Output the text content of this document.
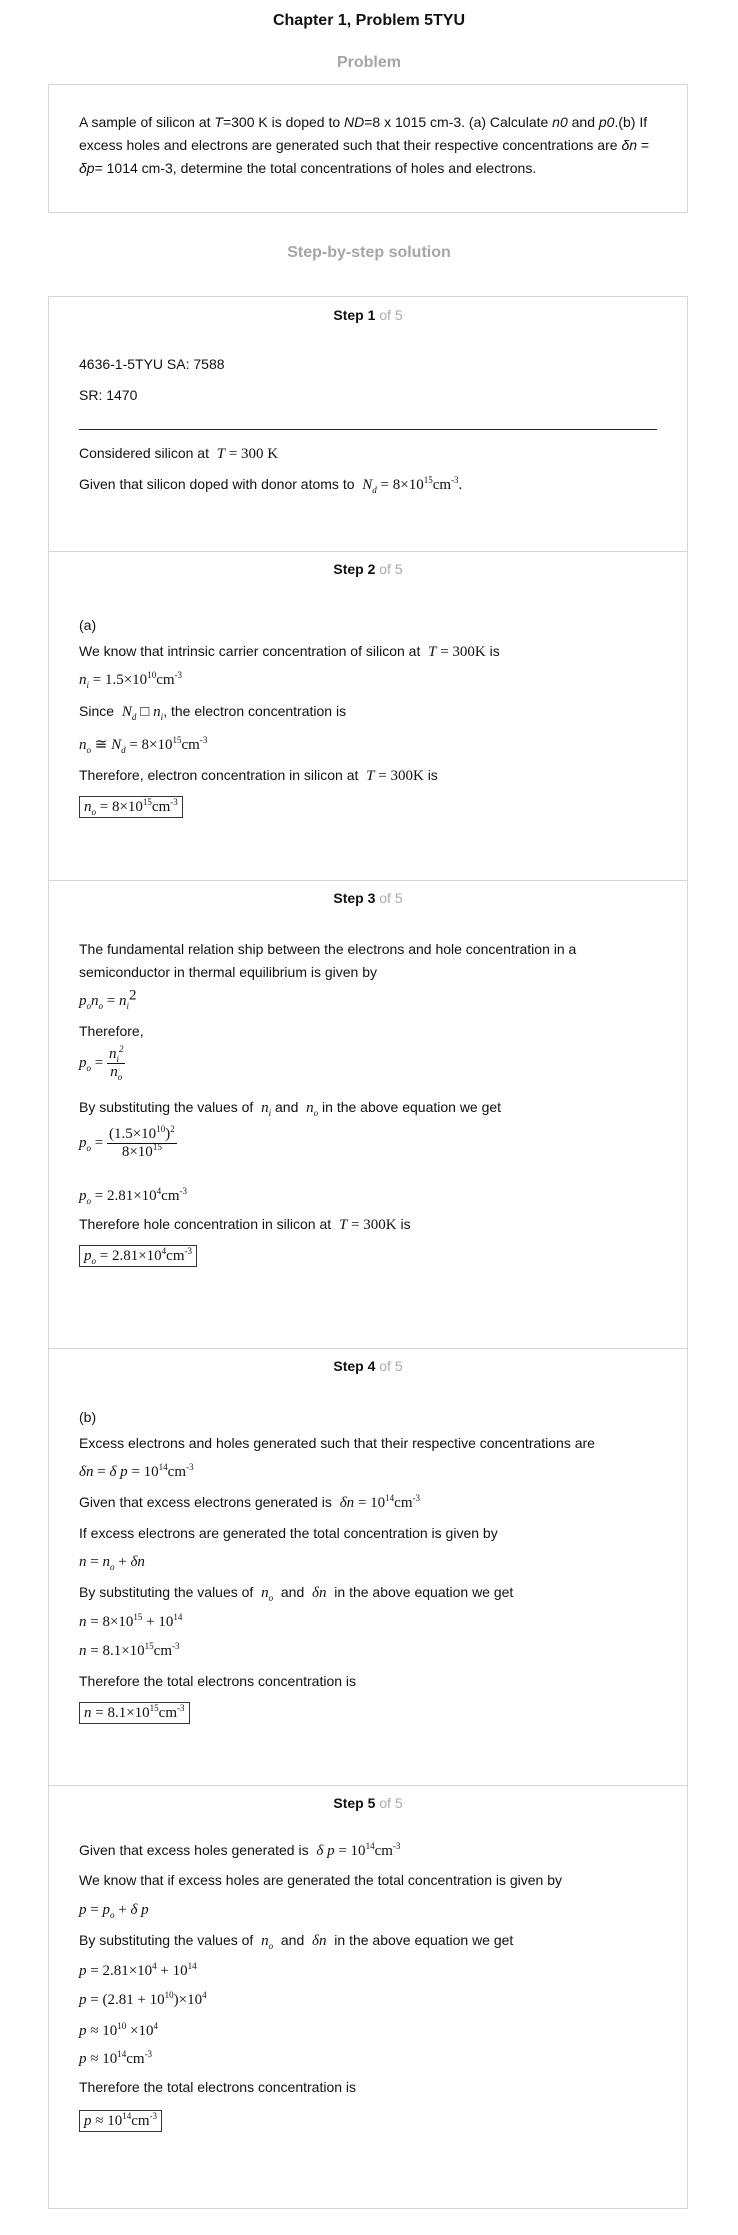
Chapter 1, Problem 5TYU
Problem
A sample of silicon at T=300 K is doped to ND=8 x 1015 cm-3. (a) Calculate n0 and p0.(b) If excess holes and electrons are generated such that their respective concentrations are δn = δp= 1014 cm-3, determine the total concentrations of holes and electrons.
Step-by-step solution
Step 1 of 5
4636-1-5TYU SA: 7588
SR: 1470
Considered silicon at T = 300 K
Given that silicon doped with donor atoms to $N_d = 8\times 10^{15}cm^{-3}$.
Step 2 of 5
(a)
We know that intrinsic carrier concentration of silicon at T = 300K is
$n_i = 1.5\times 10^{10}cm^{-3}$
Since $N_d$ □ $n_i$, the electron concentration is
$n_o$ ≅ $N_d = 8\times 10^{15}cm^{-3}$
Therefore, electron concentration in silicon at T = 300K is
$n_o = 8\times 10^{15}cm^{-3}$
Step 3 of 5
The fundamental relation ship between the electrons and hole concentration in a
semiconductor in thermal equilibrium is given by
$p_on_o = n_i^2$
Therefore,
$p_o = \frac{n_i^2}{n_o}$
By substituting the values of $n_i$ and $n_o$ in the above equation we get
$p_o = \frac{(1.5\times 10^{10})^2}{8\times 10^{15}}$
$p_o = 2.81\times 10^4cm^{-3}$
Therefore hole concentration in silicon at T = 300K is
$p_o = 2.81\times 10^4cm^{-3}$
Step 4 of 5
(b)
Excess electrons and holes generated such that their respective concentrations are
δn = δ $p = 10^{14}cm^{-3}$
Given that excess electrons generated is $\delta n = 10^{14}cm^{-3}$
If excess electrons are generated the total concentration is given by
$n = n_o + \delta n$
By substituting the values of $n_o$ and δn in the above equation we get
$n = 8\times 10^{15} + 10^{14}$
$n = 8.1\times 10^{15}cm^{-3}$
Therefore the total electrons concentration is
$n = 8.1\times 10^{15}cm^{-3}$
Step 5 of 5
Given that excess holes generated is δ $p = 10^{14}cm^{-3}$
We know that if excess holes are generated the total concentration is given by
$p = p_o + \delta$ p
By substituting the values of $n_o$ and δn in the above equation we get
$p = 2.81\times 10^4 + 10^{14}$
$p = (2.81 + 10^{10})\times 10^4$
$p \approx 10^{10} \times 10^4$
$p \approx 10^{14}cm^{-3}$
Therefore the total electrons concentration is
$p \approx 10^{14}cm^{-3}$
